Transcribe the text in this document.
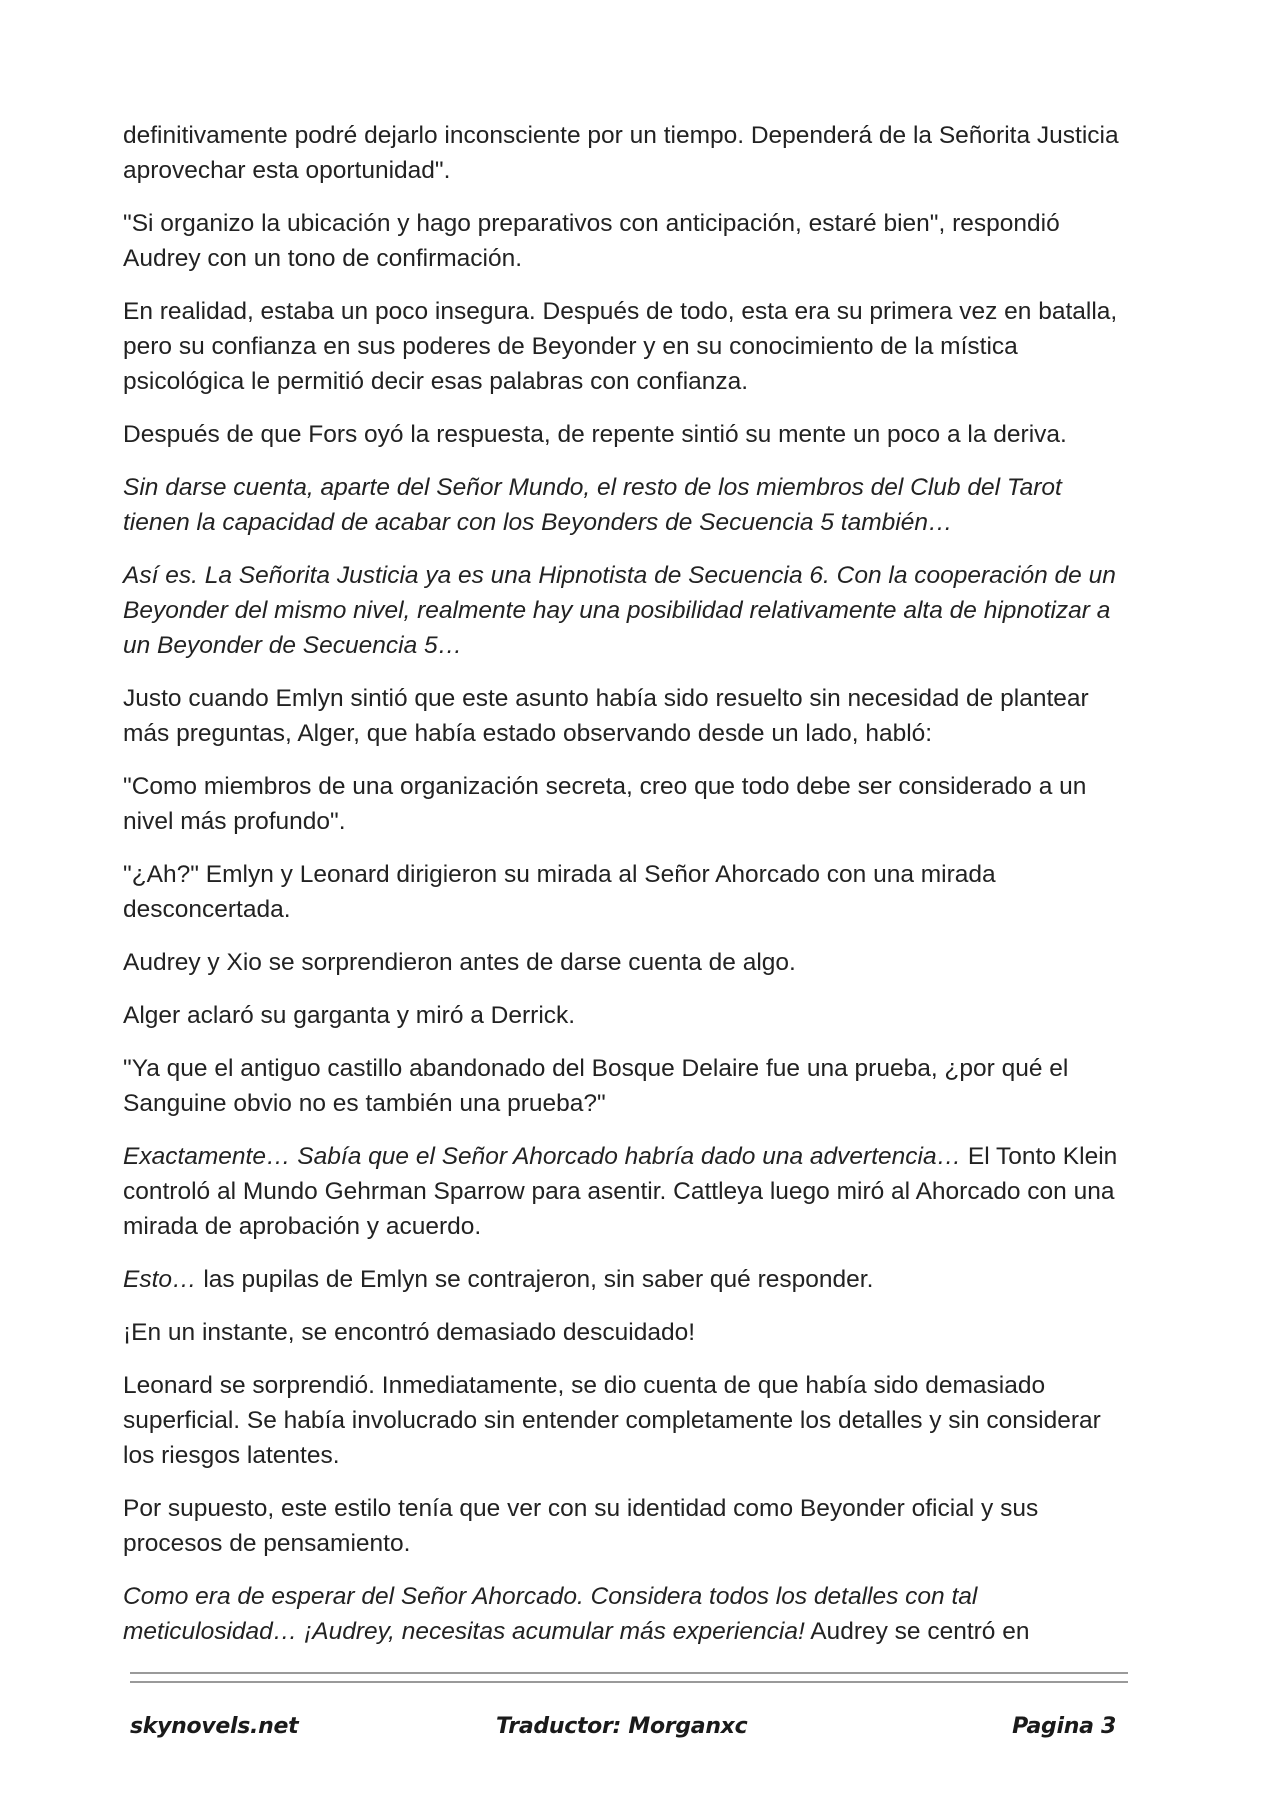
definitivamente podré dejarlo inconsciente por un tiempo. Dependerá de la Señorita Justicia aprovechar esta oportunidad".

"Si organizo la ubicación y hago preparativos con anticipación, estaré bien", respondió Audrey con un tono de confirmación.

En realidad, estaba un poco insegura. Después de todo, esta era su primera vez en batalla, pero su confianza en sus poderes de Beyonder y en su conocimiento de la mística psicológica le permitió decir esas palabras con confianza.

Después de que Fors oyó la respuesta, de repente sintió su mente un poco a la deriva.

Sin darse cuenta, aparte del Señor Mundo, el resto de los miembros del Club del Tarot tienen la capacidad de acabar con los Beyonders de Secuencia 5 también…

Así es. La Señorita Justicia ya es una Hipnotista de Secuencia 6. Con la cooperación de un Beyonder del mismo nivel, realmente hay una posibilidad relativamente alta de hipnotizar a un Beyonder de Secuencia 5…

Justo cuando Emlyn sintió que este asunto había sido resuelto sin necesidad de plantear más preguntas, Alger, que había estado observando desde un lado, habló:

"Como miembros de una organización secreta, creo que todo debe ser considerado a un nivel más profundo".

"¿Ah?" Emlyn y Leonard dirigieron su mirada al Señor Ahorcado con una mirada desconcertada.

Audrey y Xio se sorprendieron antes de darse cuenta de algo.

Alger aclaró su garganta y miró a Derrick.

"Ya que el antiguo castillo abandonado del Bosque Delaire fue una prueba, ¿por qué el Sanguine obvio no es también una prueba?"

Exactamente… Sabía que el Señor Ahorcado habría dado una advertencia… El Tonto Klein controló al Mundo Gehrman Sparrow para asentir. Cattleya luego miró al Ahorcado con una mirada de aprobación y acuerdo.

Esto… las pupilas de Emlyn se contrajeron, sin saber qué responder.

¡En un instante, se encontró demasiado descuidado!

Leonard se sorprendió. Inmediatamente, se dio cuenta de que había sido demasiado superficial. Se había involucrado sin entender completamente los detalles y sin considerar los riesgos latentes.

Por supuesto, este estilo tenía que ver con su identidad como Beyonder oficial y sus procesos de pensamiento.

Como era de esperar del Señor Ahorcado. Considera todos los detalles con tal meticulosidad… ¡Audrey, necesitas acumular más experiencia! Audrey se centró en

skynovels.net	Traductor: Morganxc	Pagina 3
